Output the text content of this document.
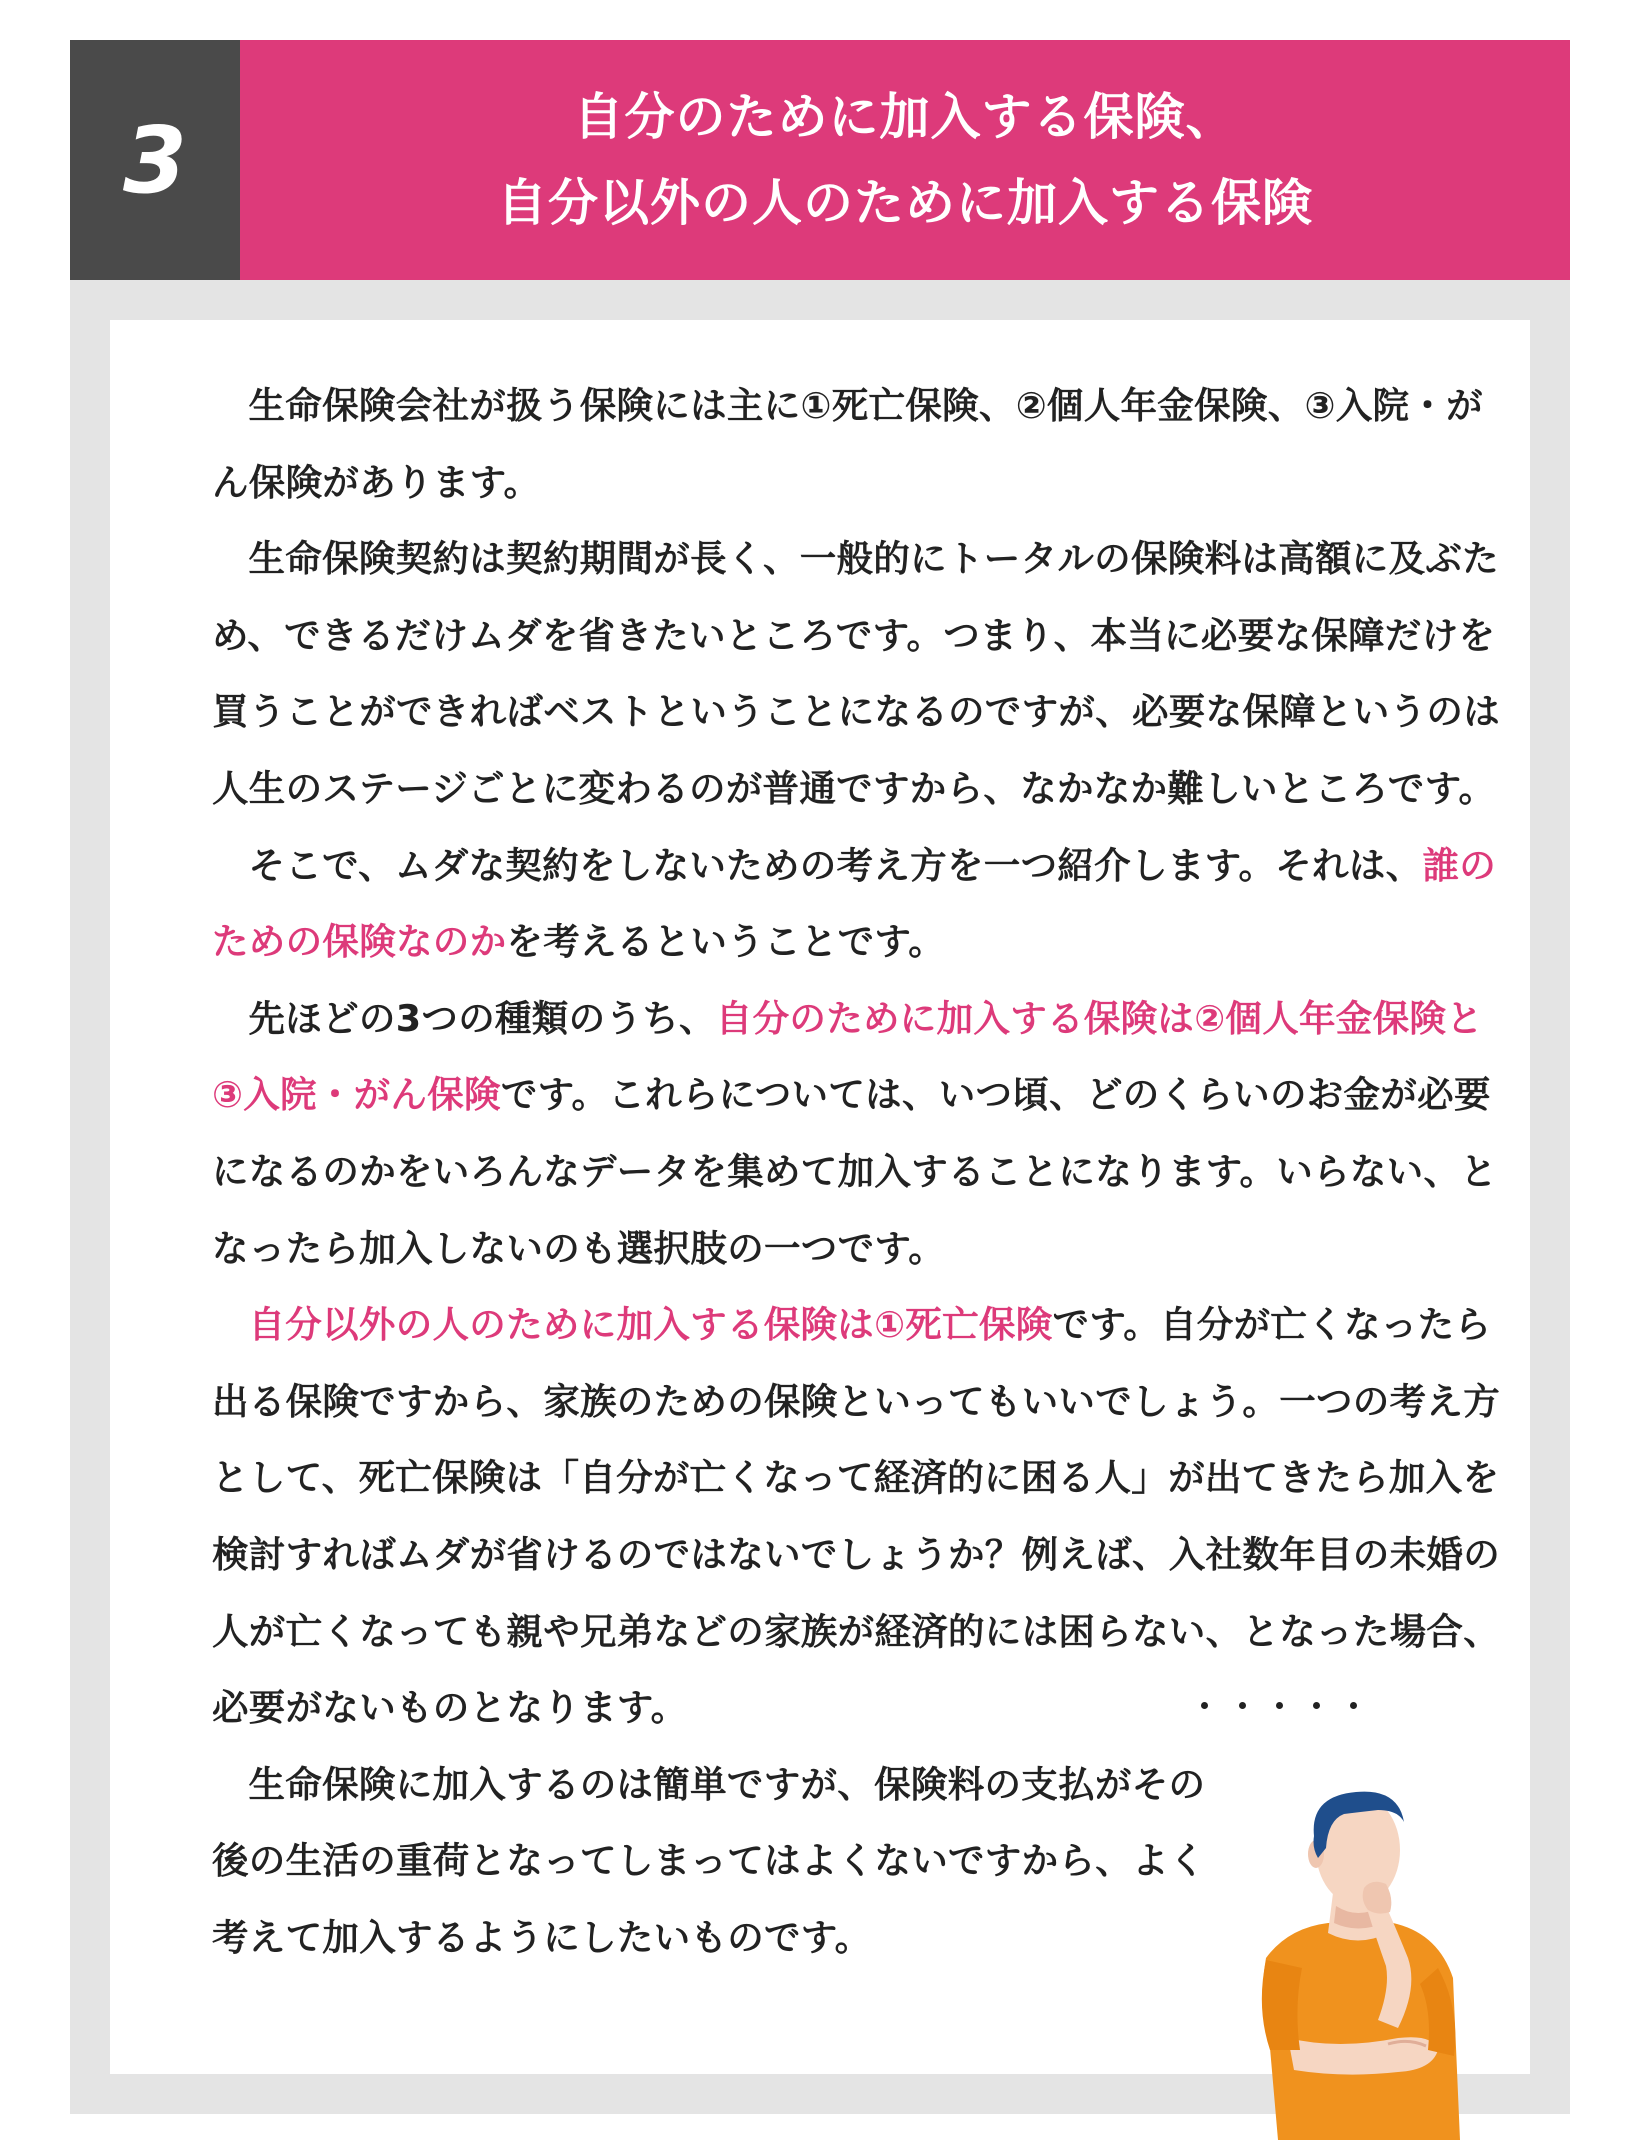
3	自分のために加入する保険、
自分以外の人のために加入する保険

生命保険会社が扱う保険には主に①死亡保険、②個人年金保険、③入院・がん保険があります。

生命保険契約は契約期間が長く、一般的にトータルの保険料は高額に及ぶため、できるだけムダを省きたいところです。つまり、本当に必要な保障だけを買うことができればベストということになるのですが、必要な保障というのは人生のステージごとに変わるのが普通ですから、なかなか難しいところです。

そこで、ムダな契約をしないための考え方を一つ紹介します。それは、誰のための保険なのかを考えるということです。

先ほどの3つの種類のうち、自分のために加入する保険は②個人年金保険と③入院・がん保険です。これらについては、いつ頃、どのくらいのお金が必要になるのかをいろんなデータを集めて加入することになります。いらない、となったら加入しないのも選択肢の一つです。

自分以外の人のために加入する保険は①死亡保険です。自分が亡くなったら出る保険ですから、家族のための保険といってもいいでしょう。一つの考え方として、死亡保険は「自分が亡くなって経済的に困る人」が出てきたら加入を検討すればムダが省けるのではないでしょうか？例えば、入社数年目の未婚の人が亡くなっても親や兄弟などの家族が経済的には困らない、となった場合、必要がないものとなります。

生命保険に加入するのは簡単ですが、保険料の支払がその後の生活の重荷となってしまってはよくないですから、よく考えて加入するようにしたいものです。
